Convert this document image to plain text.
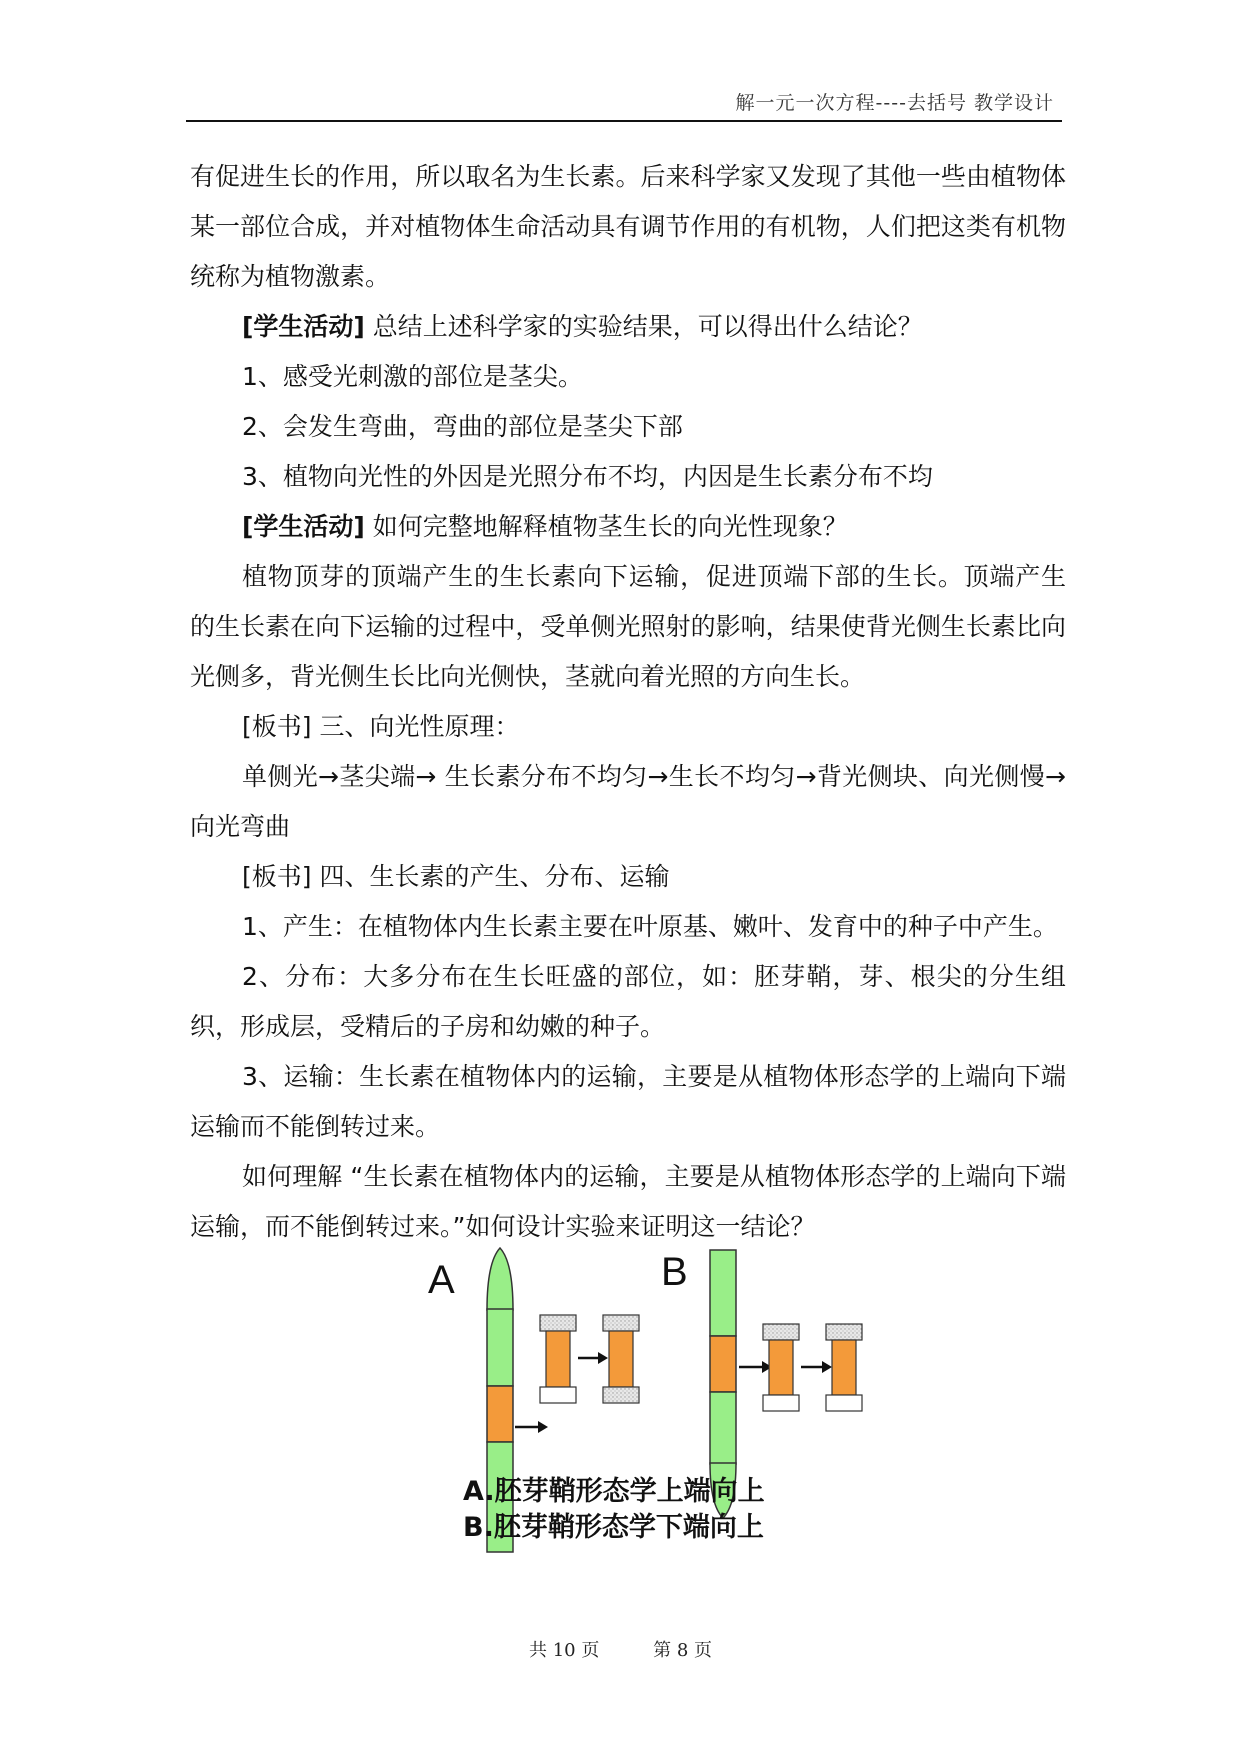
解一元一次方程----去括号 教学设计

有促进生长的作用，所以取名为生长素。后来科学家又发现了其他一些由植物体某一部位合成，并对植物体生命活动具有调节作用的有机物，人们把这类有机物统称为植物激素。

[学生活动] 总结上述科学家的实验结果，可以得出什么结论？

1、感受光刺激的部位是茎尖。

2、会发生弯曲，弯曲的部位是茎尖下部

3、植物向光性的外因是光照分布不均，内因是生长素分布不均

[学生活动] 如何完整地解释植物茎生长的向光性现象？

植物顶芽的顶端产生的生长素向下运输，促进顶端下部的生长。顶端产生的生长素在向下运输的过程中，受单侧光照射的影响，结果使背光侧生长素比向光侧多，背光侧生长比向光侧快，茎就向着光照的方向生长。

[板书] 三、向光性原理：

单侧光→茎尖端→ 生长素分布不均匀→生长不均匀→背光侧块、向光侧慢→向光弯曲

[板书] 四、生长素的产生、分布、运输

1、产生：在植物体内生长素主要在叶原基、嫩叶、发育中的种子中产生。

2、分布：大多分布在生长旺盛的部位，如：胚芽鞘，芽、根尖的分生组织，形成层，受精后的子房和幼嫩的种子。

3、运输：生长素在植物体内的运输，主要是从植物体形态学的上端向下端运输而不能倒转过来。

如何理解 “生长素在植物体内的运输，主要是从植物体形态学的上端向下端运输，而不能倒转过来。”如何设计实验来证明这一结论？

A	B
A.胚芽鞘形态学上端向上
B.胚芽鞘形态学下端向上
共 10 页	第 8 页
